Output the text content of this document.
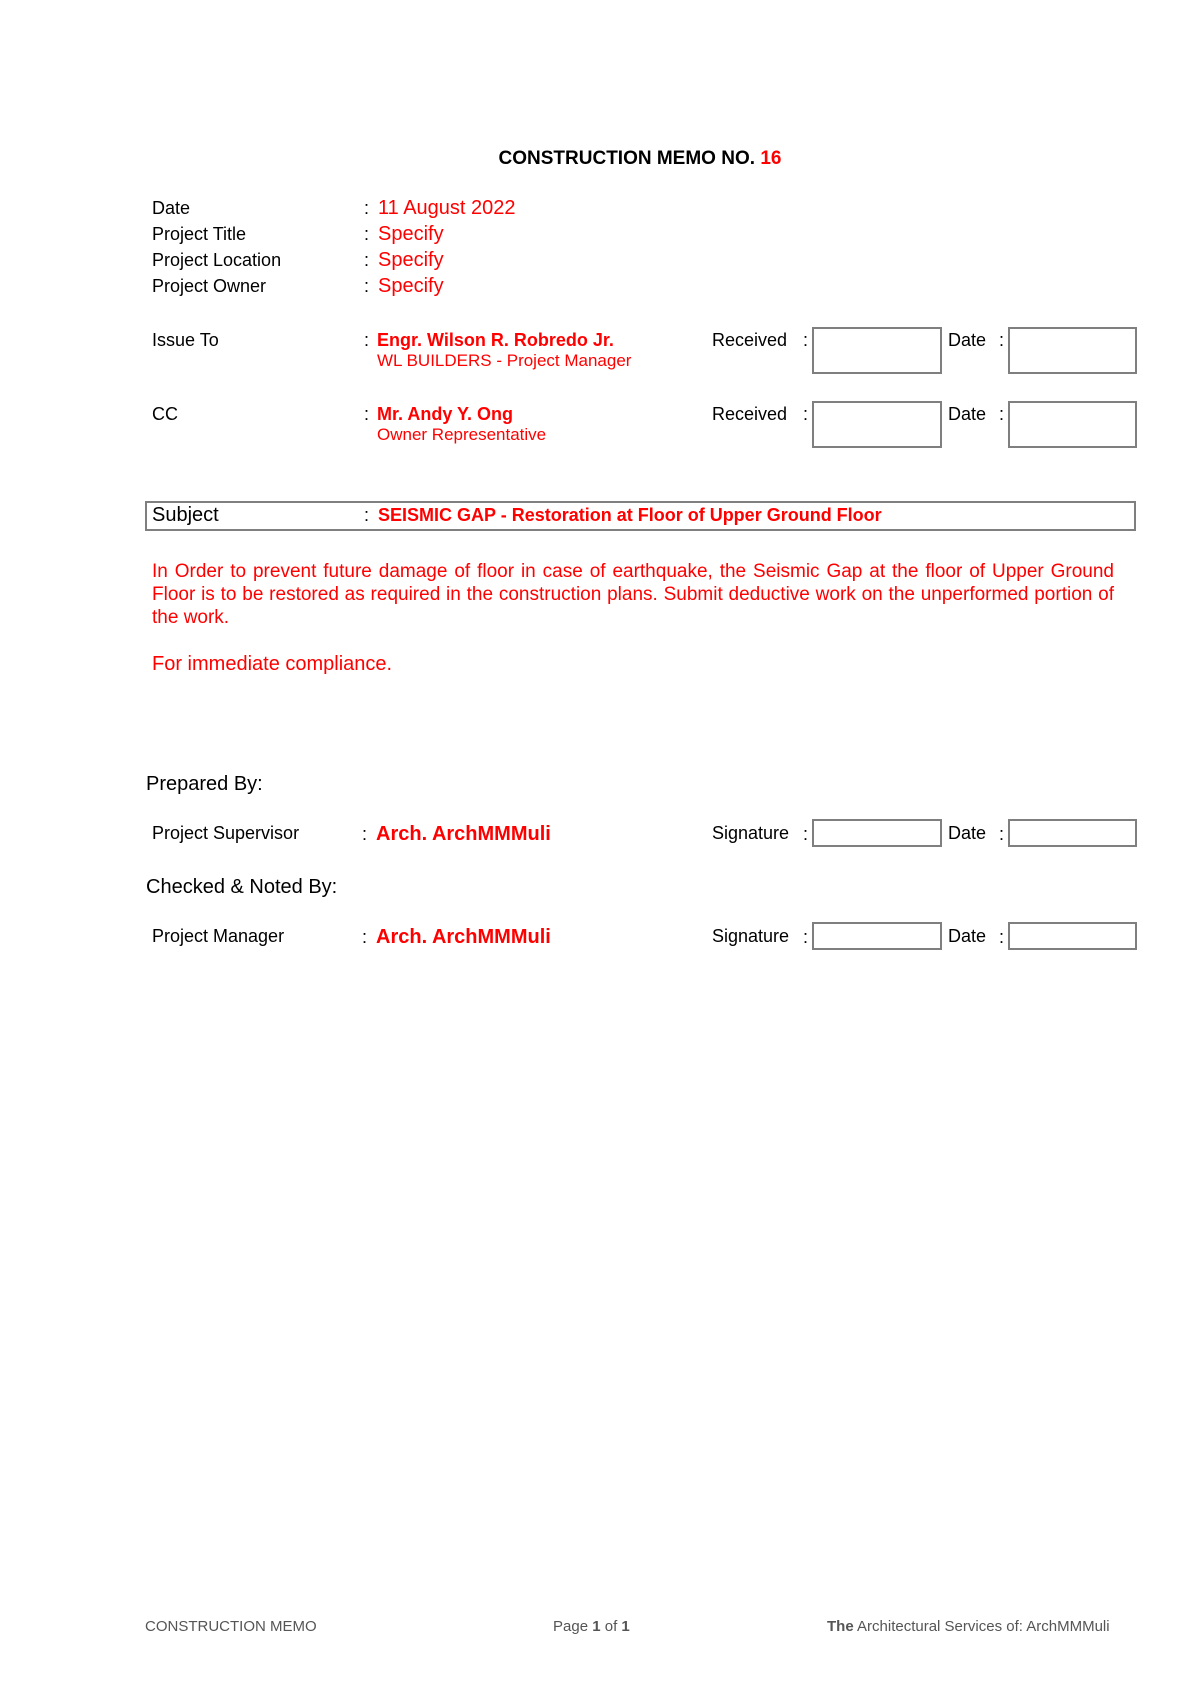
CONSTRUCTION MEMO NO. 16
Date	: 11 August 2022
Project Title	: Specify
Project Location	: Specify
Project Owner	: Specify
Issue To	: Engr. Wilson R. Robredo Jr.
WL BUILDERS - Project Manager
Received :	Date :
CC	: Mr. Andy Y. Ong
Owner Representative
Received :	Date :
Subject	: SEISMIC GAP - Restoration at Floor of Upper Ground Floor
In Order to prevent future damage of floor in case of earthquake, the Seismic Gap at the floor of Upper Ground Floor is to be restored as required in the construction plans. Submit deductive work on the unperformed portion of the work.
For immediate compliance.
Prepared By:
Project Supervisor	: Arch. ArchMMMuli	Signature :	Date :
Checked & Noted By:
Project Manager	: Arch. ArchMMMuli	Signature :	Date :
CONSTRUCTION MEMO	Page 1 of 1	The Architectural Services of: ArchMMMuli
